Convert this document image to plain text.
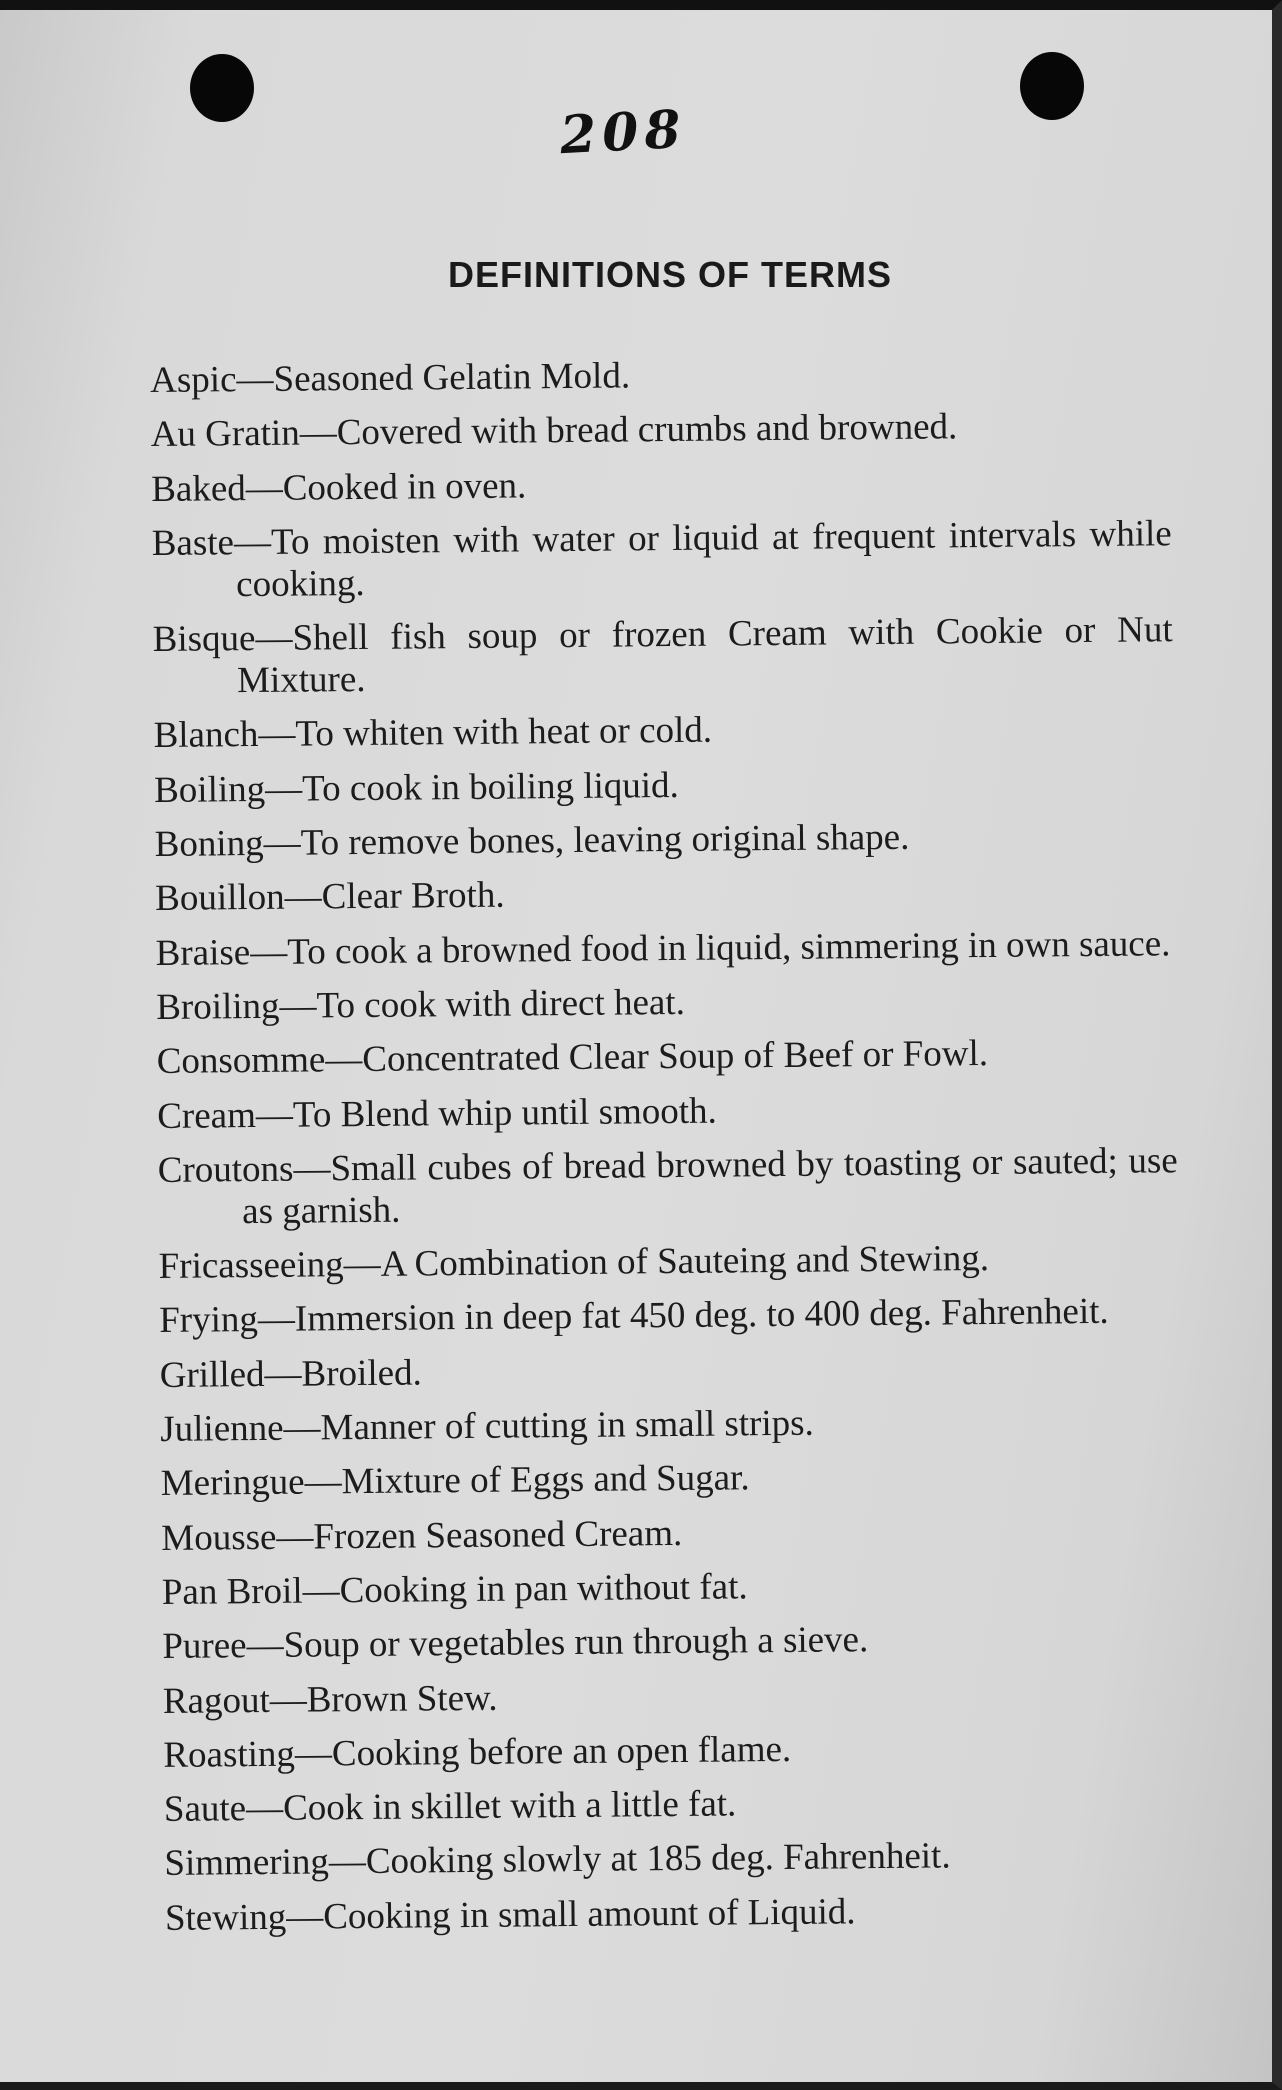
208
DEFINITIONS OF TERMS
Aspic—Seasoned Gelatin Mold.
Au Gratin—Covered with bread crumbs and browned.
Baked—Cooked in oven.
Baste—To moisten with water or liquid at frequent intervals while cooking.
Bisque—Shell fish soup or frozen Cream with Cookie or Nut Mixture.
Blanch—To whiten with heat or cold.
Boiling—To cook in boiling liquid.
Boning—To remove bones, leaving original shape.
Bouillon—Clear Broth.
Braise—To cook a browned food in liquid, simmering in own sauce.
Broiling—To cook with direct heat.
Consomme—Concentrated Clear Soup of Beef or Fowl.
Cream—To Blend whip until smooth.
Croutons—Small cubes of bread browned by toasting or sauted; use as garnish.
Fricasseeing—A Combination of Sauteing and Stewing.
Frying—Immersion in deep fat 450 deg. to 400 deg. Fahrenheit.
Grilled—Broiled.
Julienne—Manner of cutting in small strips.
Meringue—Mixture of Eggs and Sugar.
Mousse—Frozen Seasoned Cream.
Pan Broil—Cooking in pan without fat.
Puree—Soup or vegetables run through a sieve.
Ragout—Brown Stew.
Roasting—Cooking before an open flame.
Saute—Cook in skillet with a little fat.
Simmering—Cooking slowly at 185 deg. Fahrenheit.
Stewing—Cooking in small amount of Liquid.
